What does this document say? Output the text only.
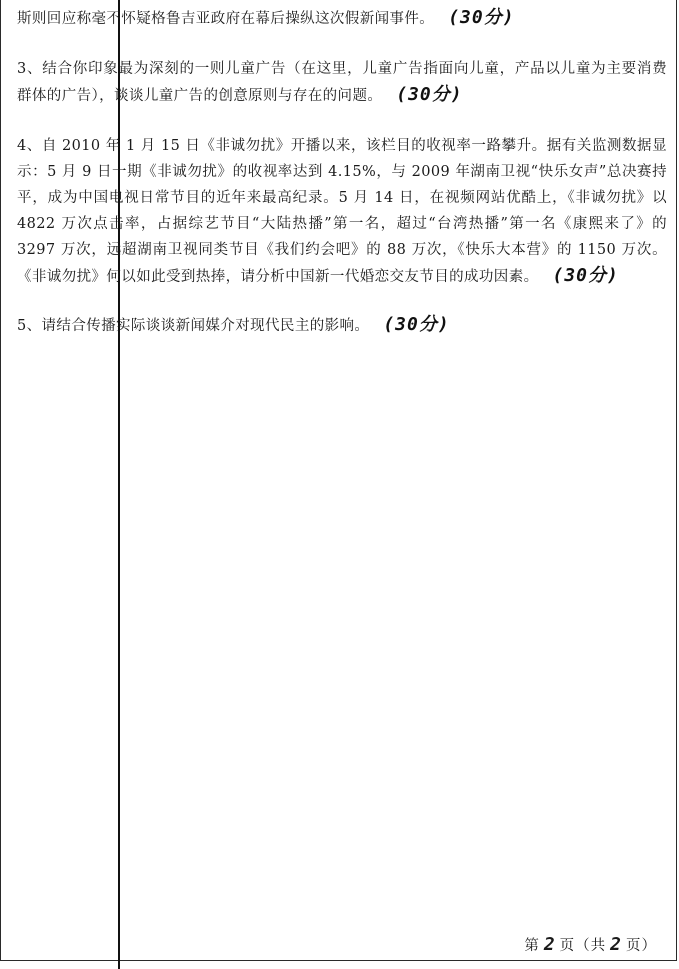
斯则回应称毫不怀疑格鲁吉亚政府在幕后操纵这次假新闻事件。 (30分)

3、结合你印象最为深刻的一则儿童广告（在这里，儿童广告指面向儿童，产品以儿童为主要消费群体的广告），谈谈儿童广告的创意原则与存在的问题。 (30分)

4、自 2010 年 1 月 15 日《非诚勿扰》开播以来，该栏目的收视率一路攀升。据有关监测数据显示：5 月 9 日一期《非诚勿扰》的收视率达到 4.15%，与 2009 年湖南卫视“快乐女声”总决赛持平，成为中国电视日常节目的近年来最高纪录。5 月 14 日，在视频网站优酷上，《非诚勿扰》以 4822 万次点击率，占据综艺节目“大陆热播”第一名，超过“台湾热播”第一名《康熙来了》的 3297 万次，远超湖南卫视同类节目《我们约会吧》的 88 万次，《快乐大本营》的 1150 万次。《非诚勿扰》何以如此受到热捧，请分析中国新一代婚恋交友节目的成功因素。 (30分)

5、请结合传播实际谈谈新闻媒介对现代民主的影响。 (30分)

第 2 页（共 2 页）
